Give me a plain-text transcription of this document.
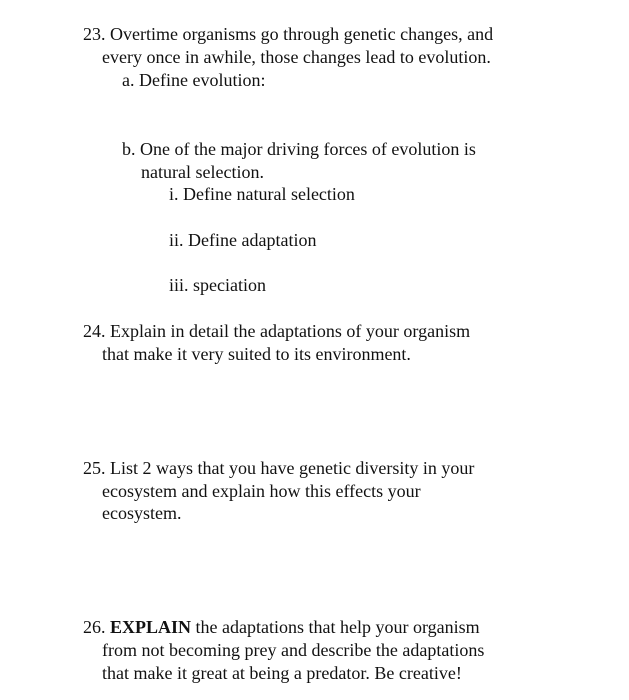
23. Overtime organisms go through genetic changes, and
every once in awhile, those changes lead to evolution.
a. Define evolution:
b. One of the major driving forces of evolution is
natural selection.
i. Define natural selection
ii. Define adaptation
iii. speciation
24. Explain in detail the adaptations of your organism
that make it very suited to its environment.
25. List 2 ways that you have genetic diversity in your
ecosystem and explain how this effects your
ecosystem.
26. EXPLAIN the adaptations that help your organism
from not becoming prey and describe the adaptations
that make it great at being a predator. Be creative!
